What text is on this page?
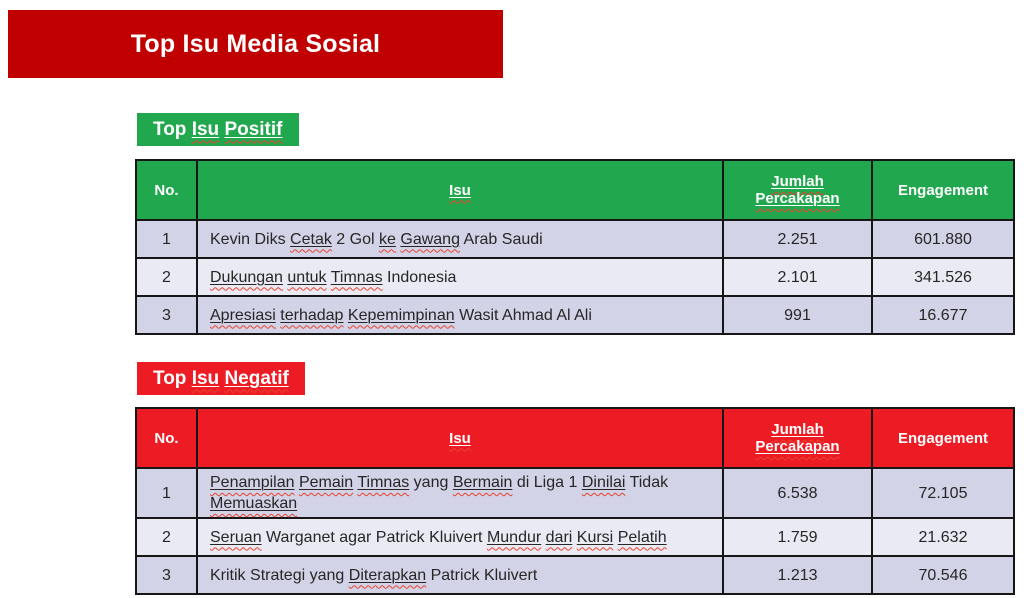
Top Isu Media Sosial
Top Isu Positif
No.	Isu	Jumlah Percakapan	Engagement
1	Kevin Diks Cetak 2 Gol ke Gawang Arab Saudi	2.251	601.880
2	Dukungan untuk Timnas Indonesia	2.101	341.526
3	Apresiasi terhadap Kepemimpinan Wasit Ahmad Al Ali	991	16.677
Top Isu Negatif
No.	Isu	Jumlah Percakapan	Engagement
1	Penampilan Pemain Timnas yang Bermain di Liga 1 Dinilai Tidak Memuaskan	6.538	72.105
2	Seruan Warganet agar Patrick Kluivert Mundur dari Kursi Pelatih	1.759	21.632
3	Kritik Strategi yang Diterapkan Patrick Kluivert	1.213	70.546
